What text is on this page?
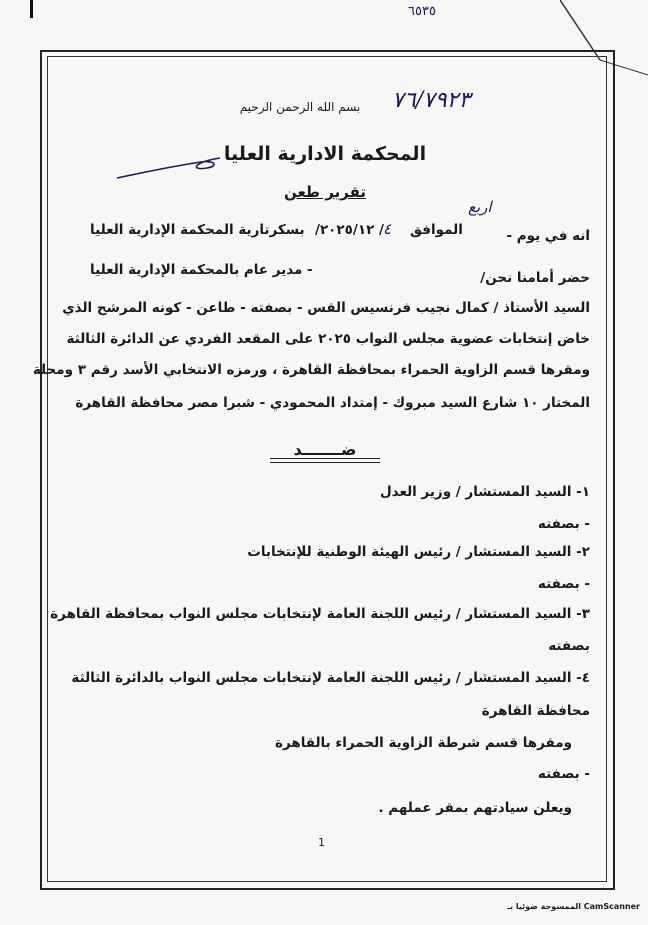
٦٥٣٥
٧٦/٧٩٢٣
بسم الله الرحمن الرحيم
المحكمة الادارية العليا
تقرير طعن
انه في يوم -
اربع
الموافق
٤
/ ٢٠٢٥/١٢/
بسكرتارية المحكمة الإدارية العليا
حضر أمامنا نحن/
- مدير عام بالمحكمة الإدارية العليا
السيد الأستاذ / كمال نجيب فرنسيس القس - بصفته - طاعن - كونه المرشح الذي
خاض إنتخابات عضوية مجلس النواب ٢٠٢٥ على المقعد الفردي عن الدائرة الثالثة
ومقرها قسم الزاوية الحمراء بمحافظة القاهرة ، ورمزه الانتخابي الأسد رقم ٣ ومحلة
المختار ١٠ شارع السيد مبروك - إمتداد المحمودي - شبرا مصر محافظة القاهرة
ضـــــــد
١- السيد المستشار / وزير العدل
- بصفته
٢- السيد المستشار / رئيس الهيئة الوطنية للإنتخابات
- بصفته
٣- السيد المستشار / رئيس اللجنة العامة لإنتخابات مجلس النواب بمحافظة القاهرة
بصفته
٤- السيد المستشار / رئيس اللجنة العامة لإنتخابات مجلس النواب بالدائرة الثالثة
محافظة القاهرة
ومقرها قسم شرطة الزاوية الحمراء بالقاهرة
- بصفته
ويعلن سيادتهم بمقر عملهم .
1
CamScanner الممسوحة ضوئيا بـ
